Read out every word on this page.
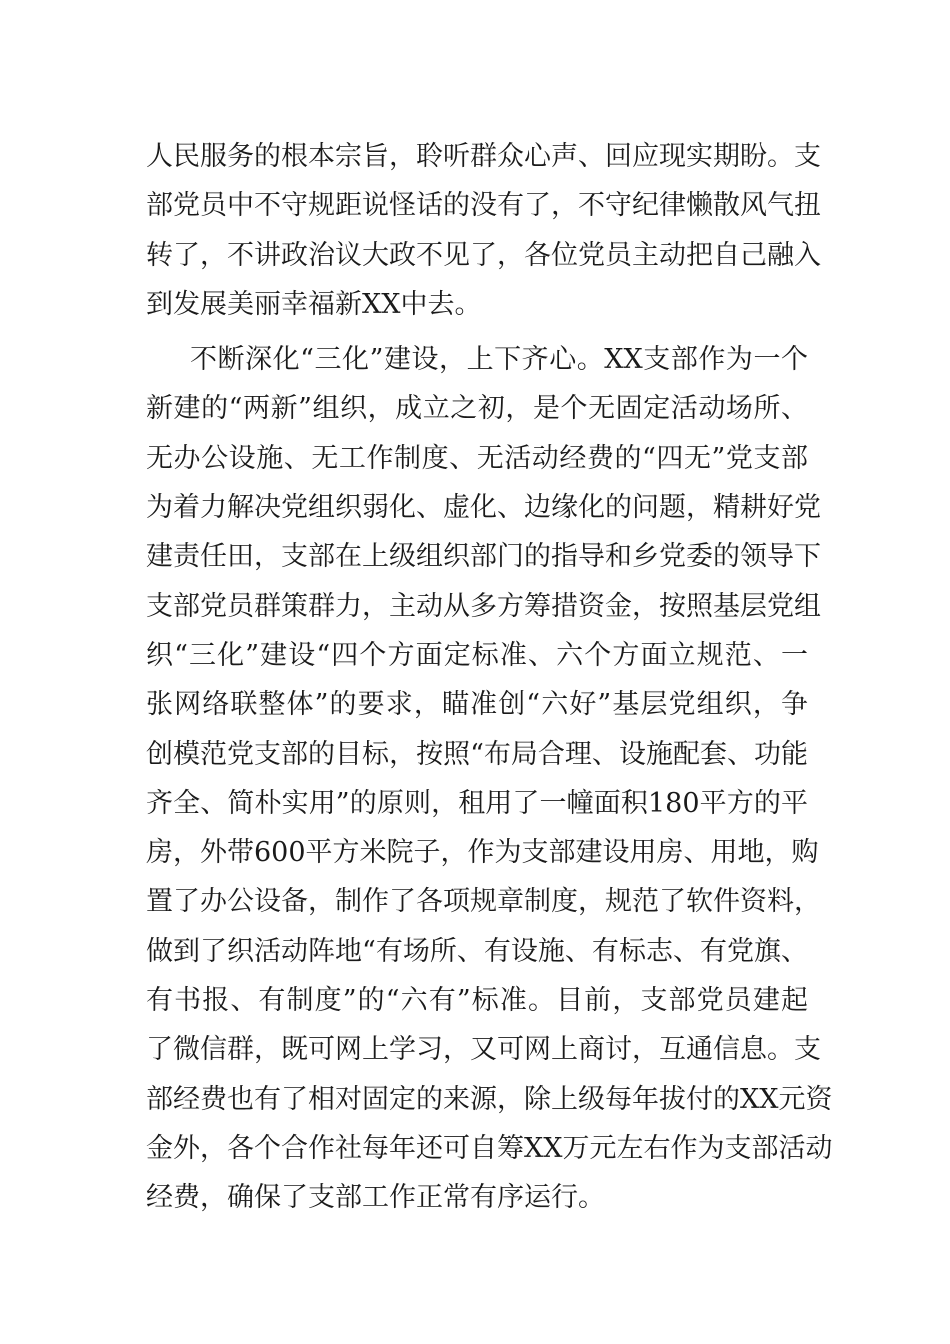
人民服务的根本宗旨，聆听群众心声、回应现实期盼。支
部党员中不守规距说怪话的没有了，不守纪律懒散风气扭
转了，不讲政治议大政不见了，各位党员主动把自己融入
到发展美丽幸福新XX中去。
不断深化“三化”建设，上下齐心。XX支部作为一个
新建的“两新”组织，成立之初，是个无固定活动场所、
无办公设施、无工作制度、无活动经费的“四无”党支部
为着力解决党组织弱化、虚化、边缘化的问题，精耕好党
建责任田，支部在上级组织部门的指导和乡党委的领导下
支部党员群策群力，主动从多方筹措资金，按照基层党组
织“三化”建设“四个方面定标准、六个方面立规范、一
张网络联整体”的要求，瞄准创“六好”基层党组织，争
创模范党支部的目标，按照“布局合理、设施配套、功能
齐全、简朴实用”的原则，租用了一幢面积180平方的平
房，外带600平方米院子，作为支部建设用房、用地，购
置了办公设备，制作了各项规章制度，规范了软件资料，
做到了织活动阵地“有场所、有设施、有标志、有党旗、
有书报、有制度”的“六有”标准。目前，支部党员建起
了微信群，既可网上学习，又可网上商讨，互通信息。支
部经费也有了相对固定的来源，除上级每年拔付的XX元资
金外，各个合作社每年还可自筹XX万元左右作为支部活动
经费，确保了支部工作正常有序运行。
